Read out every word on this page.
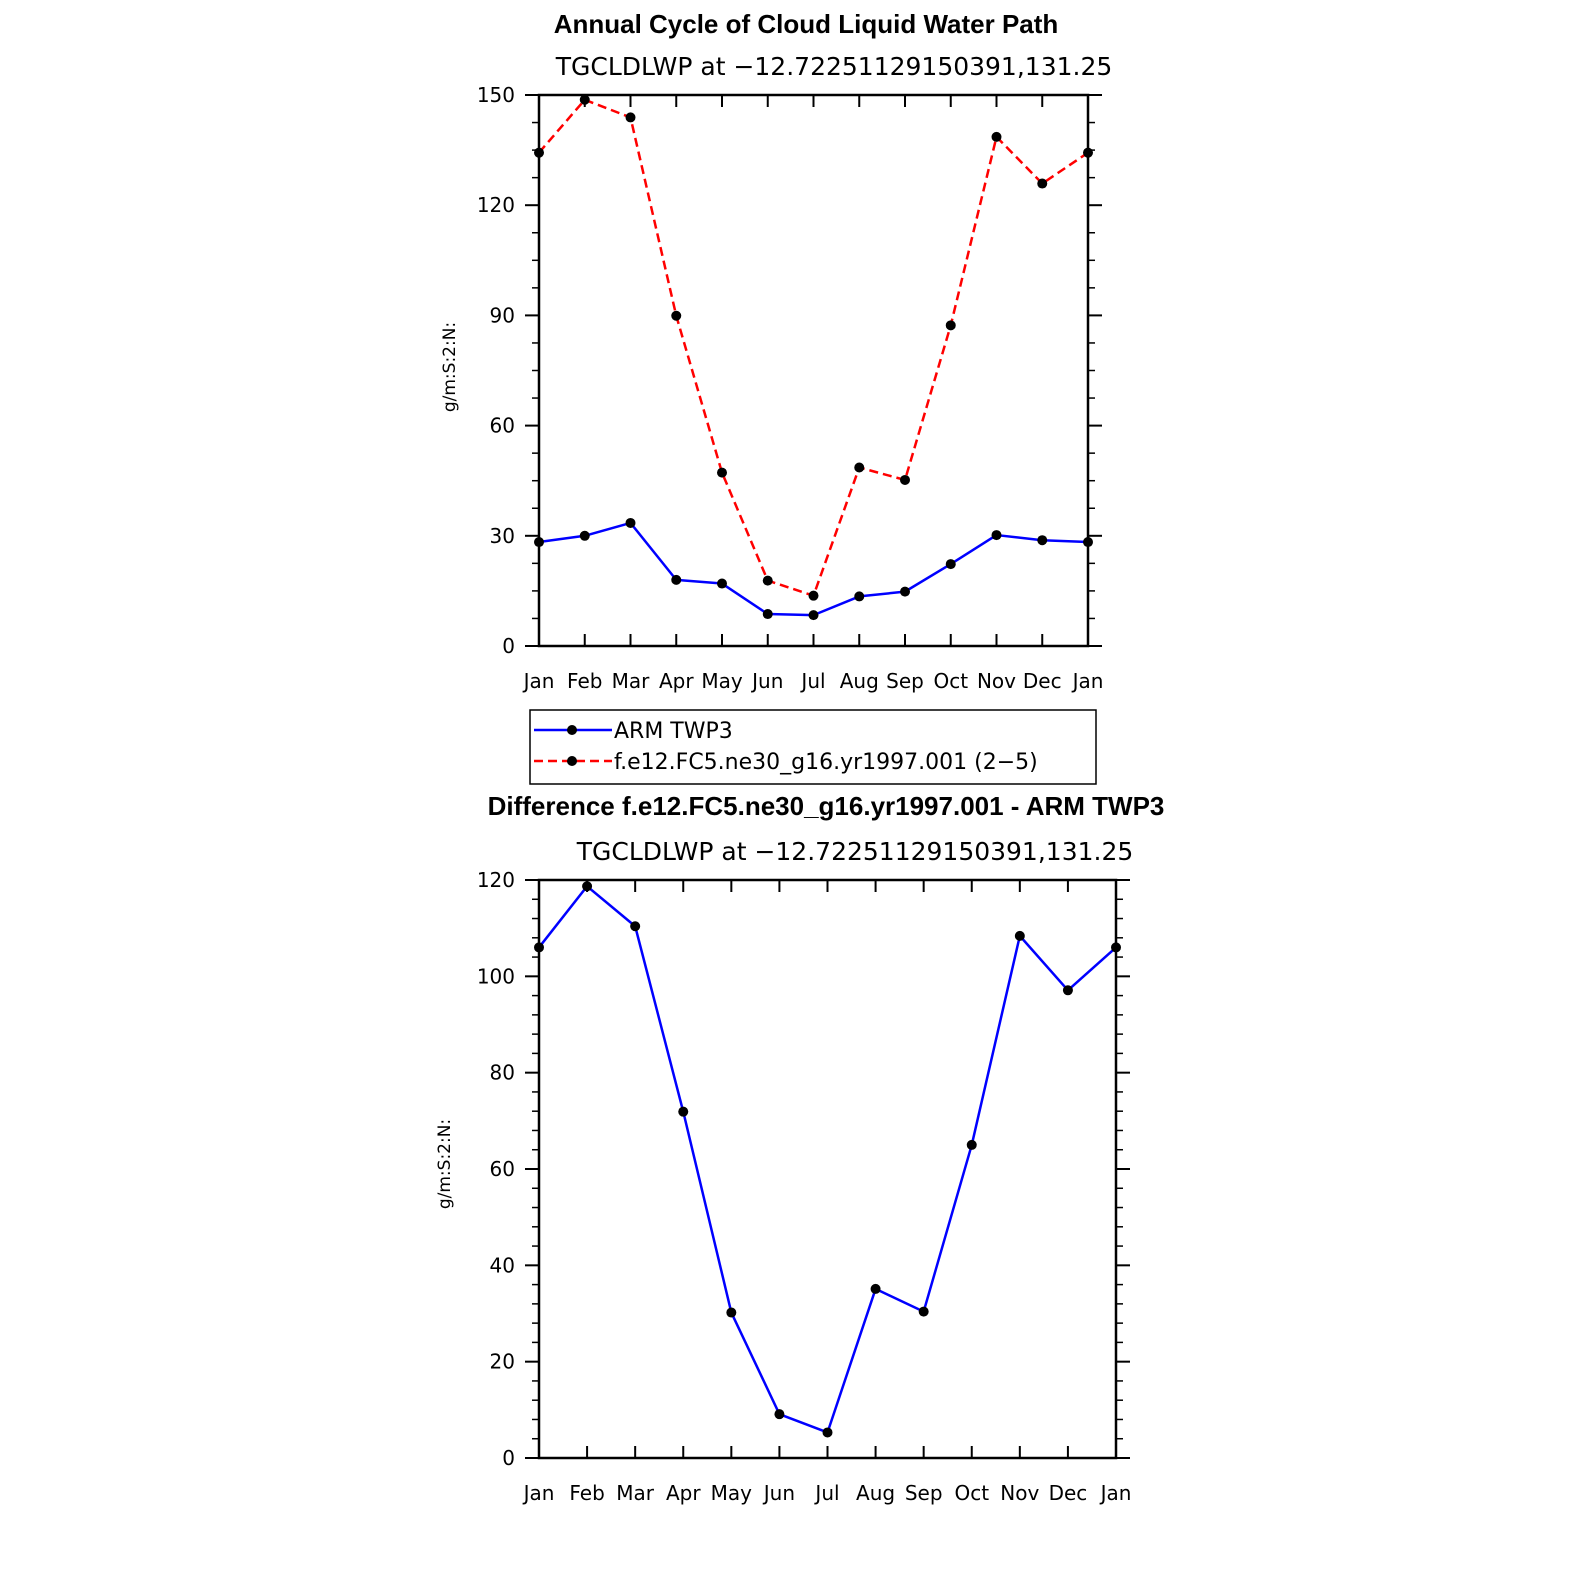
Annual Cycle of Cloud Liquid Water Path
TGCLDLWP at −12.72251129150391,131.25
g/m:S:2:N:
Jan Feb Mar Apr May Jun Jul Aug Sep Oct Nov Dec Jan
0
30
60
90
120
150
ARM TWP3
f.e12.FC5.ne30_g16.yr1997.001 (2−5)
Difference f.e12.FC5.ne30_g16.yr1997.001 - ARM TWP3
TGCLDLWP at −12.72251129150391,131.25
g/m:S:2:N:
Jan Feb Mar Apr May Jun Jul Aug Sep Oct Nov Dec Jan
0
20
40
60
80
100
120
